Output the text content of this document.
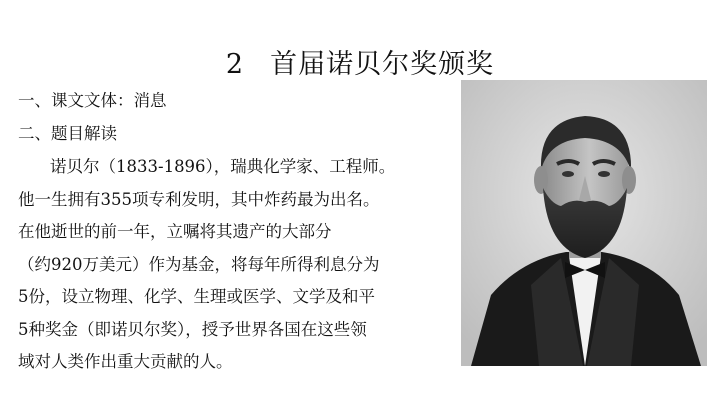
2 首届诺贝尔奖颁奖
一、课文文体：消息
二、题目解读
诺贝尔（1833-1896），瑞典化学家、工程师。
他一生拥有355项专利发明，其中炸药最为出名。
在他逝世的前一年，立嘱将其遗产的大部分
（约920万美元）作为基金，将每年所得利息分为
5份，设立物理、化学、生理或医学、文学及和平
5种奖金（即诺贝尔奖），授予世界各国在这些领
域对人类作出重大贡献的人。
